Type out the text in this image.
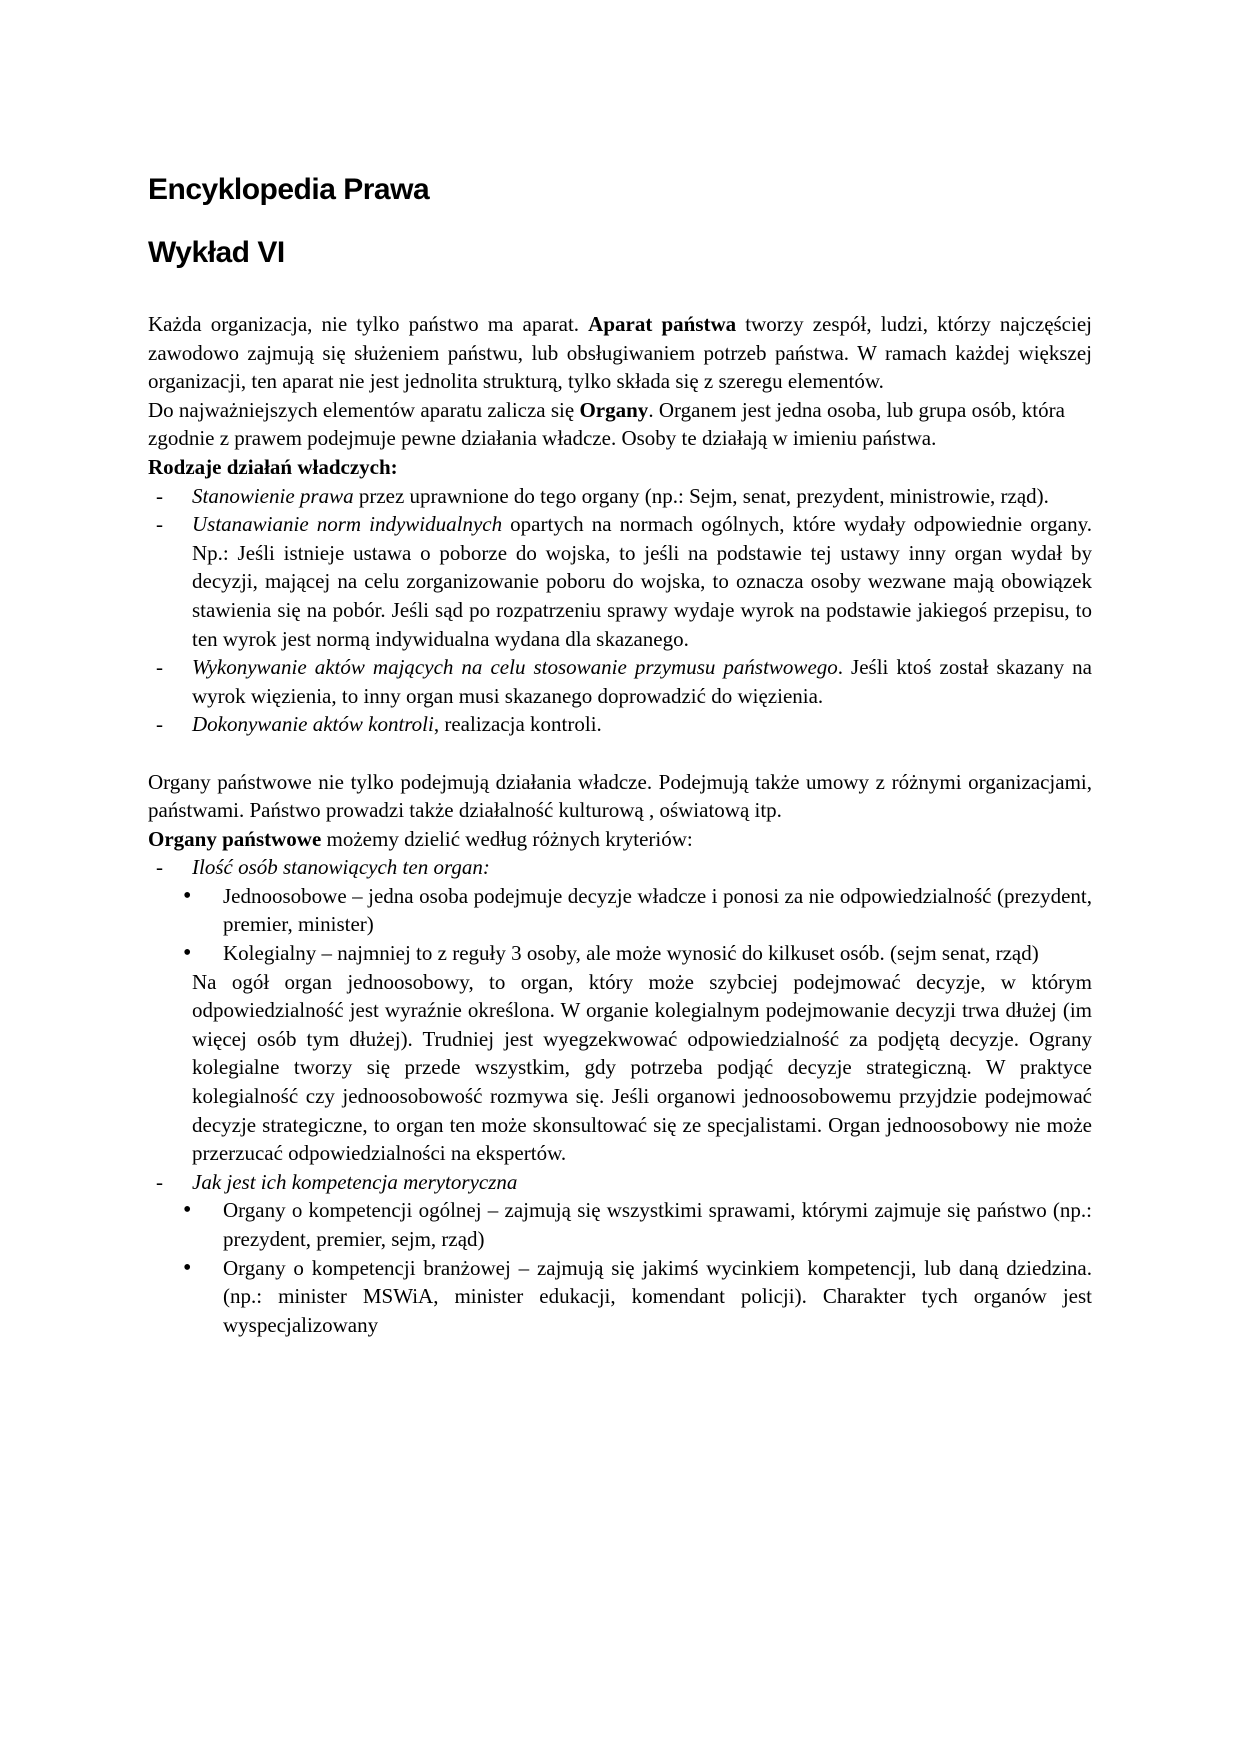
Encyklopedia Prawa
Wykład VI

Każda organizacja, nie tylko państwo ma aparat. Aparat państwa tworzy zespół, ludzi, którzy najczęściej zawodowo zajmują się służeniem państwu, lub obsługiwaniem potrzeb państwa. W ramach każdej większej organizacji, ten aparat nie jest jednolita strukturą, tylko składa się z szeregu elementów.

Do najważniejszych elementów aparatu zalicza się Organy. Organem jest jedna osoba, lub grupa osób, która zgodnie z prawem podejmuje pewne działania władcze. Osoby te działają w imieniu państwa.

Rodzaje działań władczych:

- Stanowienie prawa przez uprawnione do tego organy (np.: Sejm, senat, prezydent, ministrowie, rząd).
- Ustanawianie norm indywidualnych opartych na normach ogólnych, które wydały odpowiednie organy. Np.: Jeśli istnieje ustawa o poborze do wojska, to jeśli na podstawie tej ustawy inny organ wydał by decyzji, mającej na celu zorganizowanie poboru do wojska, to oznacza osoby wezwane mają obowiązek stawienia się na pobór. Jeśli sąd po rozpatrzeniu sprawy wydaje wyrok na podstawie jakiegoś przepisu, to ten wyrok jest normą indywidualna wydana dla skazanego.
- Wykonywanie aktów mających na celu stosowanie przymusu państwowego. Jeśli ktoś został skazany na wyrok więzienia, to inny organ musi skazanego doprowadzić do więzienia.
- Dokonywanie aktów kontroli, realizacja kontroli.

Organy państwowe nie tylko podejmują działania władcze. Podejmują także umowy z różnymi organizacjami, państwami. Państwo prowadzi także działalność kulturową , oświatową itp.

Organy państwowe możemy dzielić według różnych kryteriów:

- Ilość osób stanowiących ten organ:
• Jednoosobowe – jedna osoba podejmuje decyzje władcze i ponosi za nie odpowiedzialność (prezydent, premier, minister)
• Kolegialny – najmniej to z reguły 3 osoby, ale może wynosić do kilkuset osób. (sejm senat, rząd)

Na ogół organ jednoosobowy, to organ, który może szybciej podejmować decyzje, w którym odpowiedzialność jest wyraźnie określona. W organie kolegialnym podejmowanie decyzji trwa dłużej (im więcej osób tym dłużej). Trudniej jest wyegzekwować odpowiedzialność za podjętą decyzje. Ograny kolegialne tworzy się przede wszystkim, gdy potrzeba podjąć decyzje strategiczną. W praktyce kolegialność czy jednoosobowość rozmywa się. Jeśli organowi jednoosobowemu przyjdzie podejmować decyzje strategiczne, to organ ten może skonsultować się ze specjalistami. Organ jednoosobowy nie może przerzucać odpowiedzialności na ekspertów.

- Jak jest ich kompetencja merytoryczna
• Organy o kompetencji ogólnej – zajmują się wszystkimi sprawami, którymi zajmuje się państwo (np.: prezydent, premier, sejm, rząd)
• Organy o kompetencji branżowej – zajmują się jakimś wycinkiem kompetencji, lub daną dziedzina. (np.: minister MSWiA, minister edukacji, komendant policji). Charakter tych organów jest wyspecjalizowany
